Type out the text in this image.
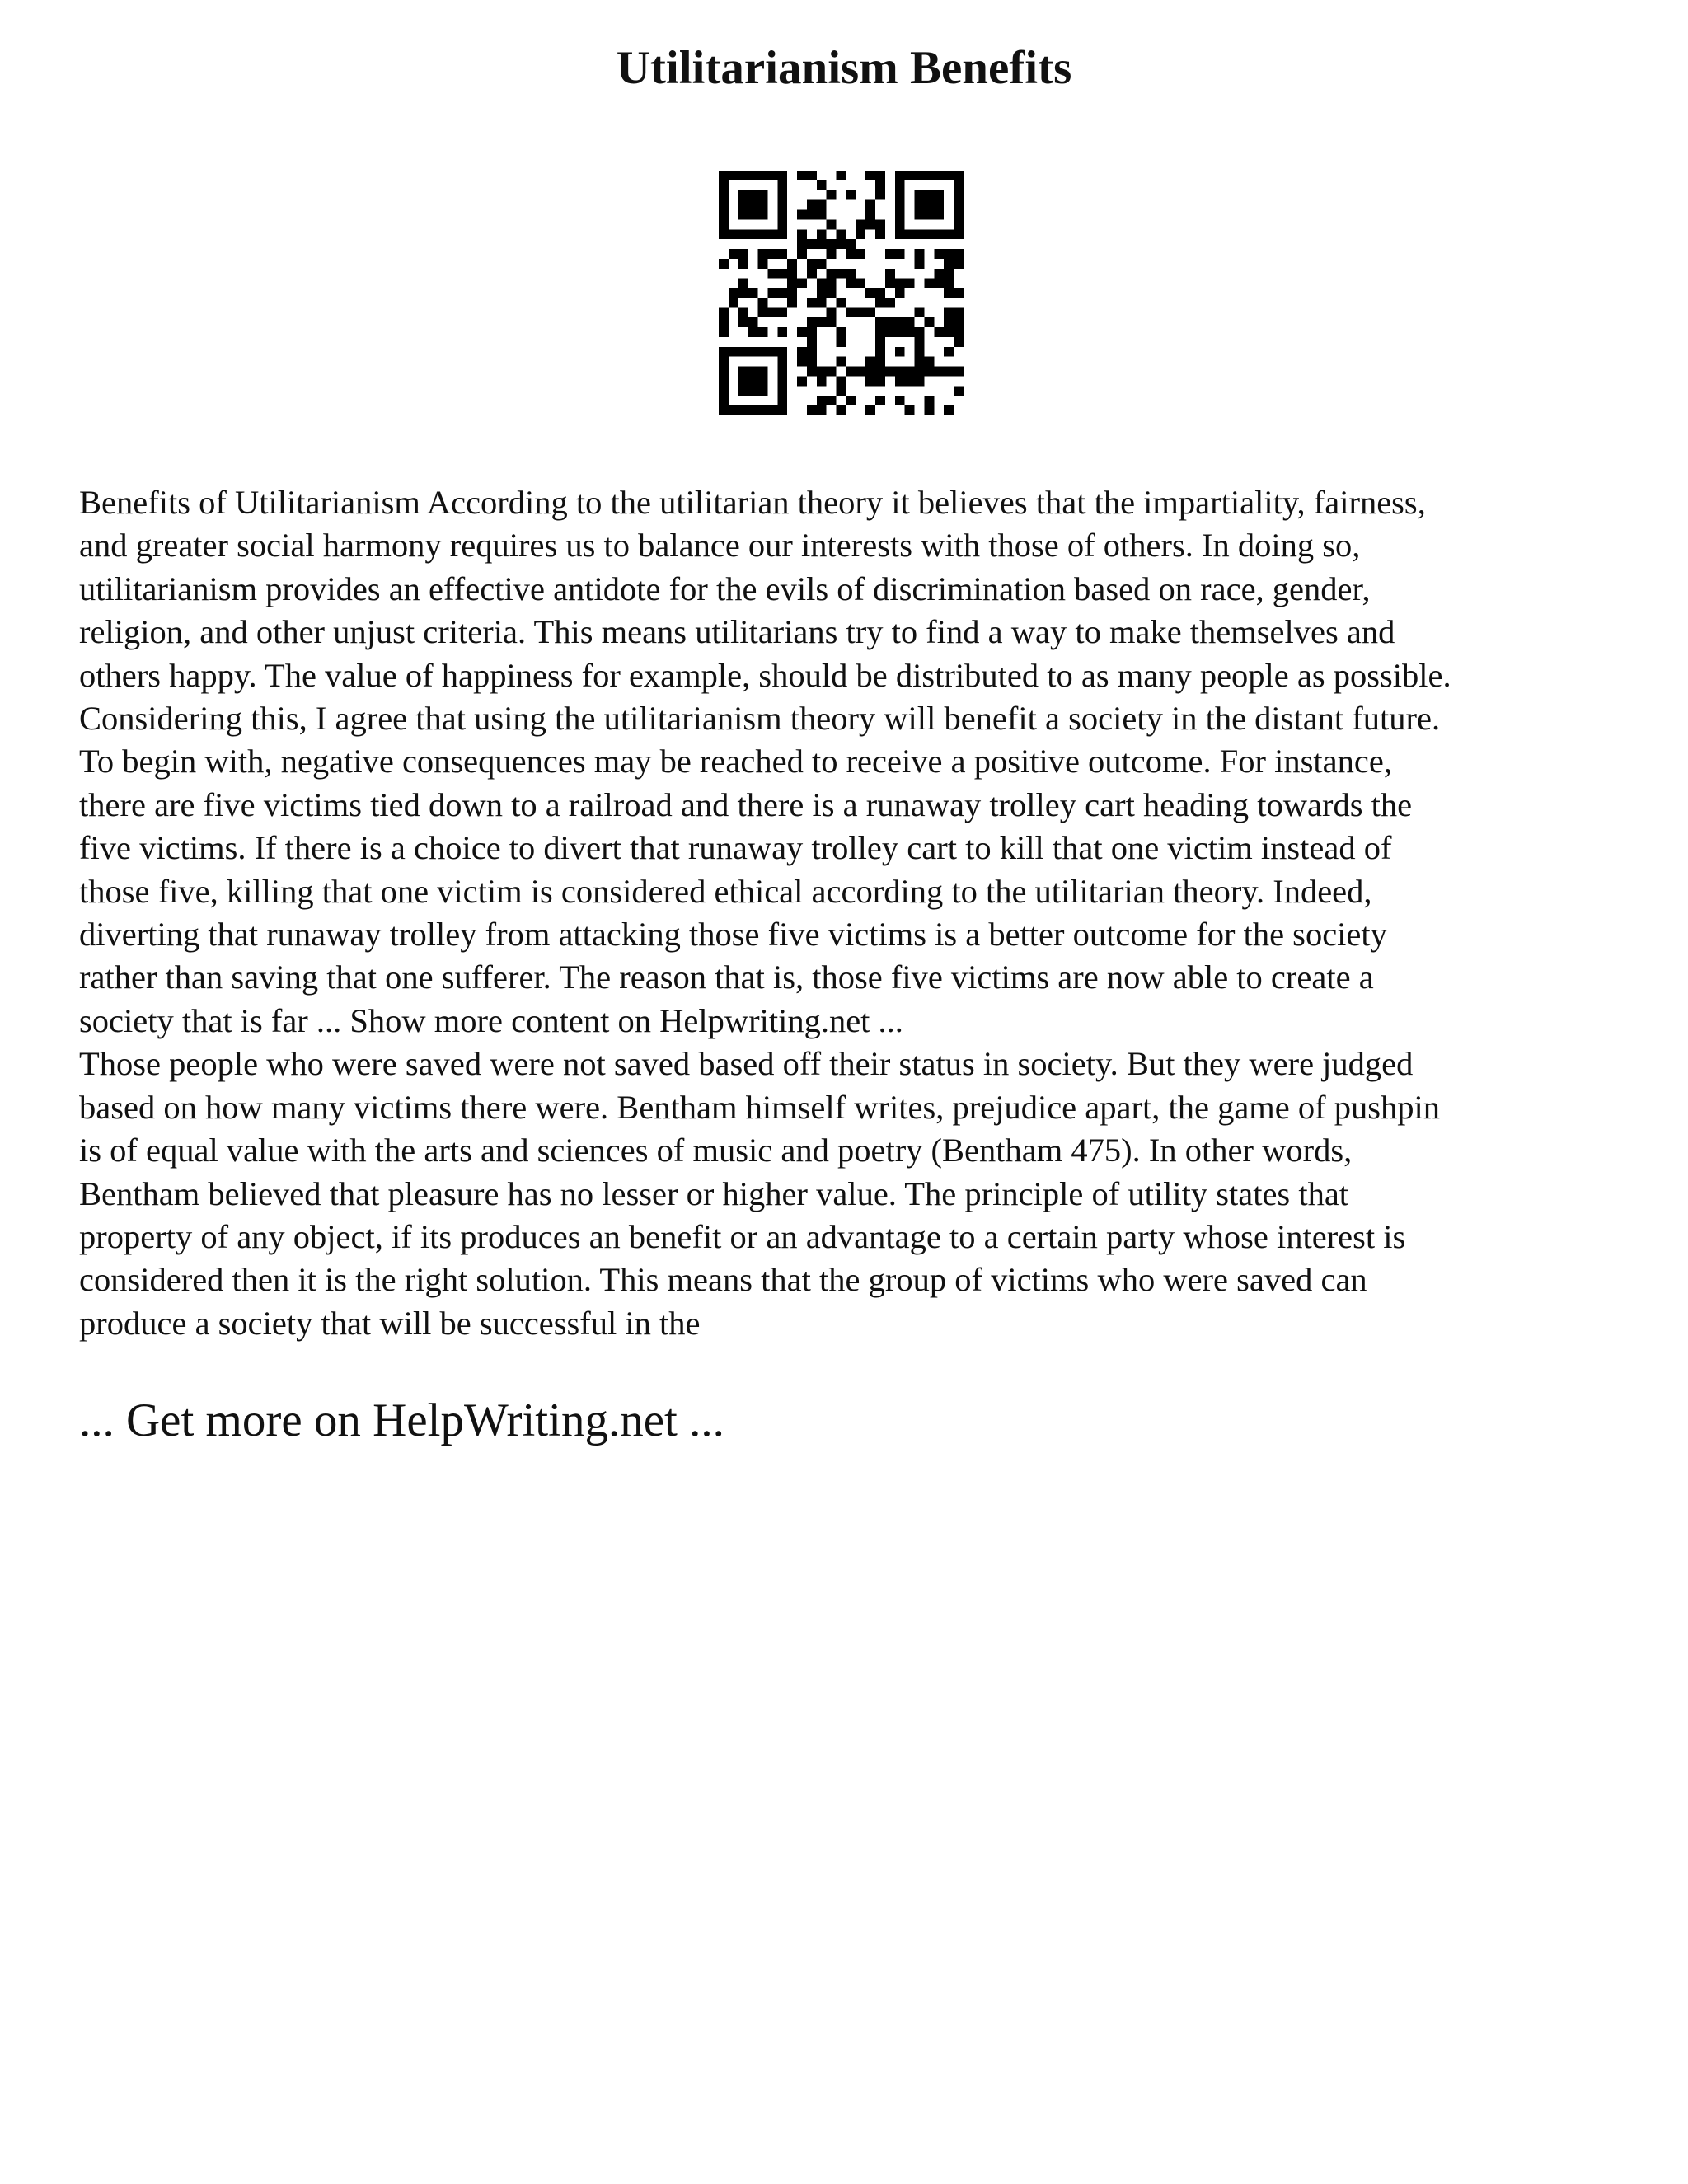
Utilitarianism Benefits

Benefits of Utilitarianism According to the utilitarian theory it believes that the impartiality, fairness,
and greater social harmony requires us to balance our interests with those of others. In doing so,
utilitarianism provides an effective antidote for the evils of discrimination based on race, gender,
religion, and other unjust criteria. This means utilitarians try to find a way to make themselves and
others happy. The value of happiness for example, should be distributed to as many people as possible.
Considering this, I agree that using the utilitarianism theory will benefit a society in the distant future.
To begin with, negative consequences may be reached to receive a positive outcome. For instance,
there are five victims tied down to a railroad and there is a runaway trolley cart heading towards the
five victims. If there is a choice to divert that runaway trolley cart to kill that one victim instead of
those five, killing that one victim is considered ethical according to the utilitarian theory. Indeed,
diverting that runaway trolley from attacking those five victims is a better outcome for the society
rather than saving that one sufferer. The reason that is, those five victims are now able to create a
society that is far ... Show more content on Helpwriting.net ...

Those people who were saved were not saved based off their status in society. But they were judged
based on how many victims there were. Bentham himself writes, prejudice apart, the game of pushpin
is of equal value with the arts and sciences of music and poetry (Bentham 475). In other words,
Bentham believed that pleasure has no lesser or higher value. The principle of utility states that
property of any object, if its produces an benefit or an advantage to a certain party whose interest is
considered then it is the right solution. This means that the group of victims who were saved can
produce a society that will be successful in the

... Get more on HelpWriting.net ...
